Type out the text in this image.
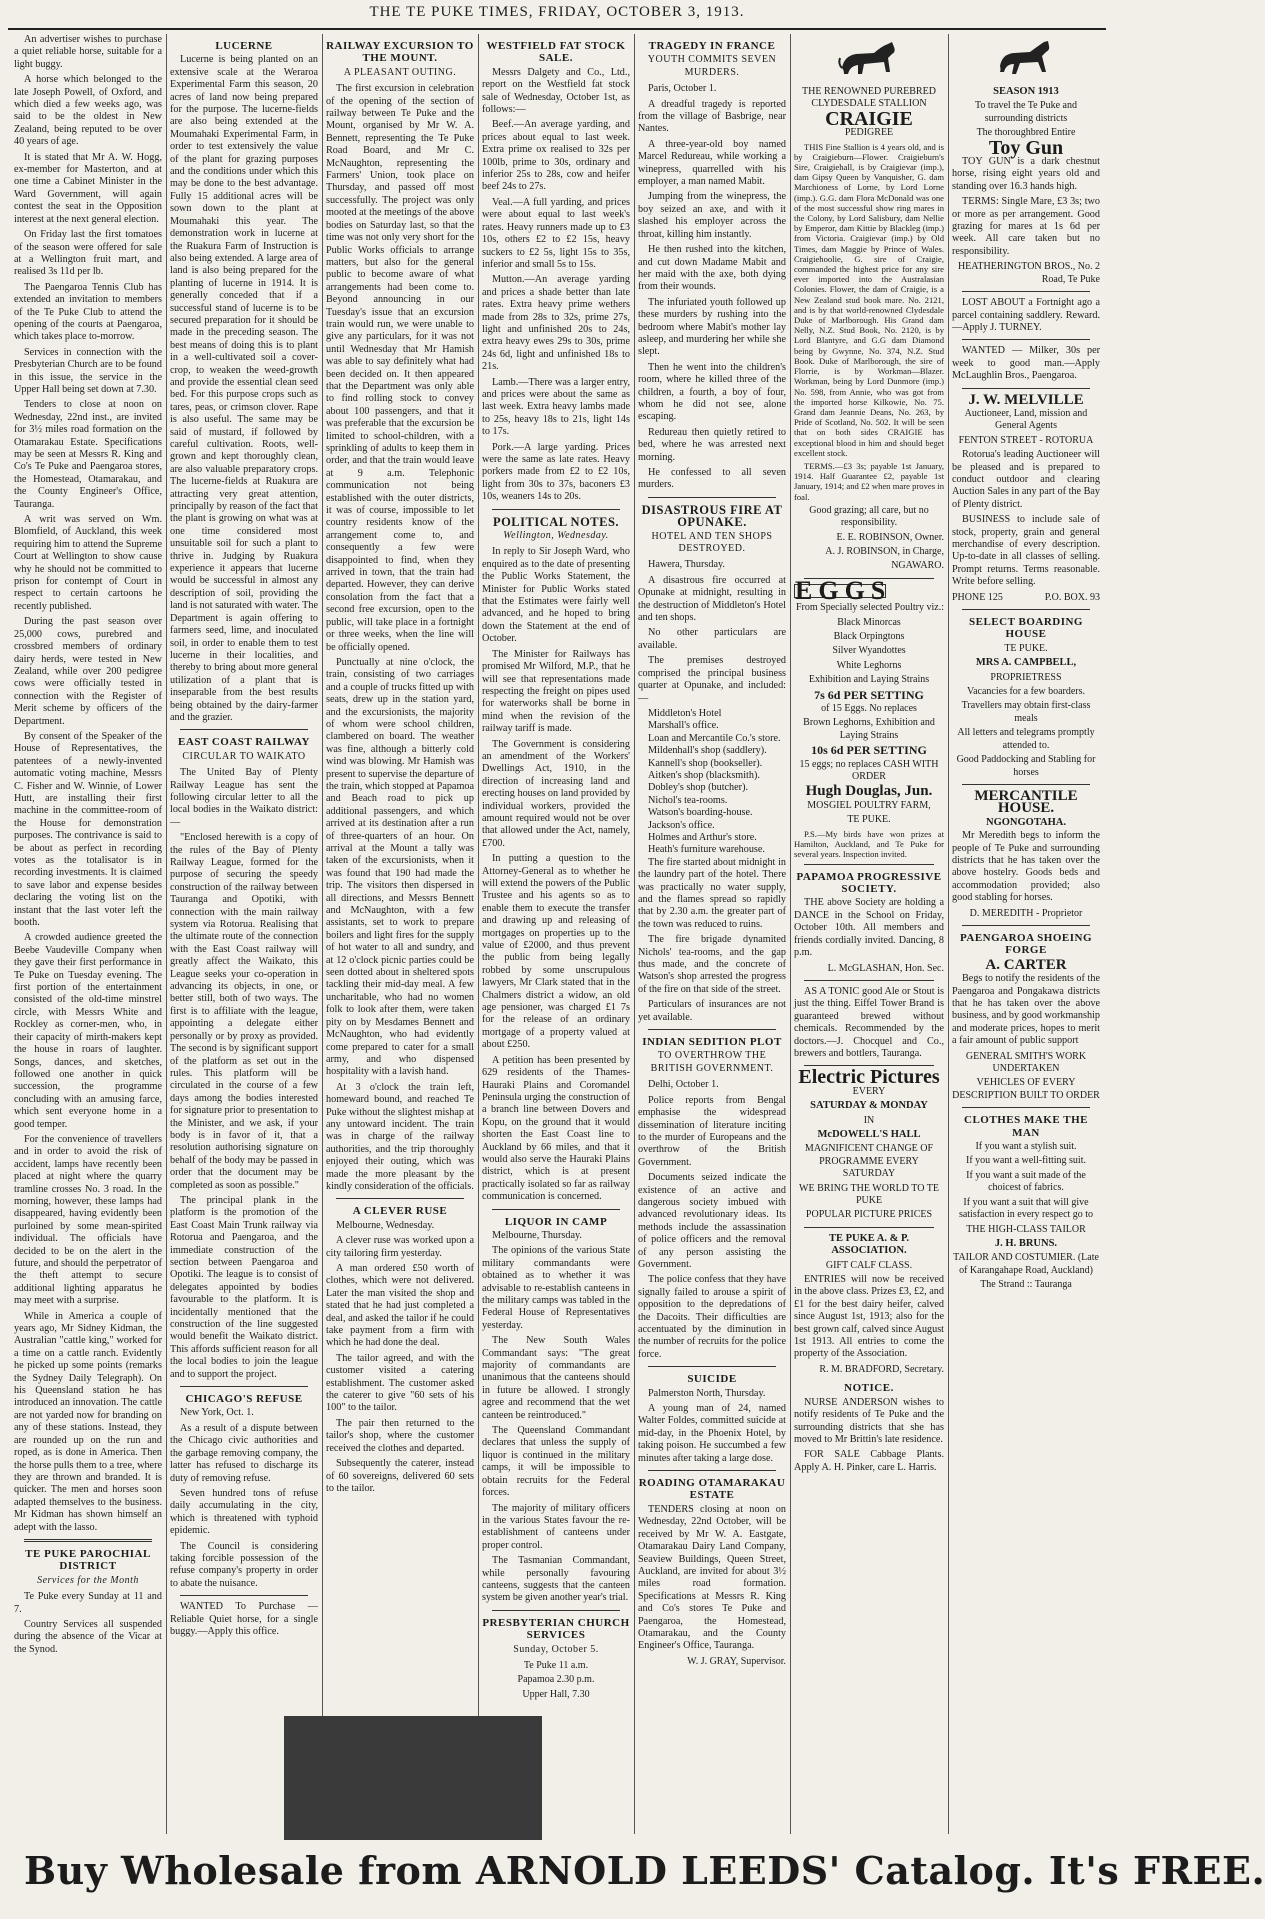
THE TE PUKE TIMES, FRIDAY, OCTOBER 3, 1913.

An advertiser wishes to purchase a quiet reliable horse, suitable for a light buggy.

A horse which belonged to the late Joseph Powell, of Oxford, and which died a few weeks ago, was said to be the oldest in New Zealand, being reputed to be over 40 years of age.

It is stated that Mr A. W. Hogg, ex-member for Masterton, and at one time a Cabinet Minister in the Ward Government, will again contest the seat in the Opposition interest at the next general election.

On Friday last the first tomatoes of the season were offered for sale at a Wellington fruit mart, and realised 3s 11d per lb.

The Paengaroa Tennis Club has extended an invitation to members of the Te Puke Club to attend the opening of the courts at Paengaroa, which takes place to-morrow.

Services in connection with the Presbyterian Church are to be found in this issue, the service in the Upper Hall being set down at 7.30.

Tenders to close at noon on Wednesday, 22nd inst., are invited for 3½ miles road formation on the Otamarakau Estate. Specifications may be seen at Messrs R. King and Co's Te Puke and Paengaroa stores, the Homestead, Otamarakau, and the County Engineer's Office, Tauranga.

A writ was served on Wm. Blomfield, of Auckland, this week requiring him to attend the Supreme Court at Wellington to show cause why he should not be committed to prison for contempt of Court in respect to certain cartoons he recently published.

During the past season over 25,000 cows, purebred and crossbred members of ordinary dairy herds, were tested in New Zealand, while over 200 pedigree cows were officially tested in connection with the Register of Merit scheme by officers of the Department.

By consent of the Speaker of the House of Representatives, the patentees of a newly-invented automatic voting machine, Messrs C. Fisher and W. Winnie, of Lower Hutt, are installing their first machine in the committee-room of the House for demonstration purposes. The contrivance is said to be about as perfect in recording votes as the totalisator is in recording investments. It is claimed to save labor and expense besides declaring the voting list on the instant that the last voter left the booth.

A crowded audience greeted the Beebe Vaudeville Company when they gave their first performance in Te Puke on Tuesday evening. The first portion of the entertainment consisted of the old-time minstrel circle, with Messrs White and Rockley as corner-men, who, in their capacity of mirth-makers kept the house in roars of laughter. Songs, dances, and sketches, followed one another in quick succession, the programme concluding with an amusing farce, which sent everyone home in a good temper.

For the convenience of travellers and in order to avoid the risk of accident, lamps have recently been placed at night where the quarry tramline crosses No. 3 road. In the morning, however, these lamps had disappeared, having evidently been purloined by some mean-spirited individual. The officials have decided to be on the alert in the future, and should the perpetrator of the theft attempt to secure additional lighting apparatus he may meet with a surprise.

While in America a couple of years ago, Mr Sidney Kidman, the Australian "cattle king," worked for a time on a cattle ranch. Evidently he picked up some points (remarks the Sydney Daily Telegraph). On his Queensland station he has introduced an innovation. The cattle are not yarded now for branding on any of these stations. Instead, they are rounded up on the run and roped, as is done in America. Then the horse pulls them to a tree, where they are thrown and branded. It is quicker. The men and horses soon adapted themselves to the business. Mr Kidman has shown himself an adept with the lasso.

TE PUKE PAROCHIAL DISTRICT
Services for the Month

Te Puke every Sunday at 11 and 7.

Country Services all suspended during the absence of the Vicar at the Synod.

LUCERNE

Lucerne is being planted on an extensive scale at the Weraroa Experimental Farm this season, 20 acres of land now being prepared for the purpose. The lucerne-fields are also being extended at the Moumahaki Experimental Farm, in order to test extensively the value of the plant for grazing purposes and the conditions under which this may be done to the best advantage. Fully 15 additional acres will be sown down to the plant at Moumahaki this year. The demonstration work in lucerne at the Ruakura Farm of Instruction is also being extended. A large area of land is also being prepared for the planting of lucerne in 1914. It is generally conceded that if a successful stand of lucerne is to be secured preparation for it should be made in the preceding season. The best means of doing this is to plant in a well-cultivated soil a cover-crop, to weaken the weed-growth and provide the essential clean seed bed. For this purpose crops such as tares, peas, or crimson clover. Rape is also useful. The same may be said of mustard, if followed by careful cultivation. Roots, well-grown and kept thoroughly clean, are also valuable preparatory crops. The lucerne-fields at Ruakura are attracting very great attention, principally by reason of the fact that the plant is growing on what was at one time considered most unsuitable soil for such a plant to thrive in. Judging by Ruakura experience it appears that lucerne would be successful in almost any description of soil, providing the land is not saturated with water. The Department is again offering to farmers seed, lime, and inoculated soil, in order to enable them to test lucerne in their localities, and thereby to bring about more general utilization of a plant that is inseparable from the best results being obtained by the dairy-farmer and the grazier.

EAST COAST RAILWAY
CIRCULAR TO WAIKATO

The United Bay of Plenty Railway League has sent the following circular letter to all the local bodies in the Waikato district:—

"Enclosed herewith is a copy of the rules of the Bay of Plenty Railway League, formed for the purpose of securing the speedy construction of the railway between Tauranga and Opotiki, with connection with the main railway system via Rotorua. Realising that the ultimate route of the connection with the East Coast railway will greatly affect the Waikato, this League seeks your co-operation in advancing its objects, in one, or better still, both of two ways. The first is to affiliate with the league, appointing a delegate either personally or by proxy as provided. The second is by significant support of the platform as set out in the rules. This platform will be circulated in the course of a few days among the bodies interested for signature prior to presentation to the Minister, and we ask, if your body is in favor of it, that a resolution authorising signature on behalf of the body may be passed in order that the document may be completed as soon as possible."

The principal plank in the platform is the promotion of the East Coast Main Trunk railway via Rotorua and Paengaroa, and the immediate construction of the section between Paengaroa and Opotiki. The league is to consist of delegates appointed by bodies favourable to the platform. It is incidentally mentioned that the construction of the line suggested would benefit the Waikato district. This affords sufficient reason for all the local bodies to join the league and to support the project.

CHICAGO'S REFUSE

New York, Oct. 1.

As a result of a dispute between the Chicago civic authorities and the garbage removing company, the latter has refused to discharge its duty of removing refuse.

Seven hundred tons of refuse daily accumulating in the city, which is threatened with typhoid epidemic.

The Council is considering taking forcible possession of the refuse company's property in order to abate the nuisance.

WANTED To Purchase — Reliable Quiet horse, for a single buggy.—Apply this office.

RAILWAY EXCURSION TO THE MOUNT.
A PLEASANT OUTING.

The first excursion in celebration of the opening of the section of railway between Te Puke and the Mount, organised by Mr W. A. Bennett, representing the Te Puke Road Board, and Mr C. McNaughton, representing the Farmers' Union, took place on Thursday, and passed off most successfully. The project was only mooted at the meetings of the above bodies on Saturday last, so that the time was not only very short for the Public Works officials to arrange matters, but also for the general public to become aware of what arrangements had been come to. Beyond announcing in our Tuesday's issue that an excursion train would run, we were unable to give any particulars, for it was not until Wednesday that Mr Hamish was able to say definitely what had been decided on. It then appeared that the Department was only able to find rolling stock to convey about 100 passengers, and that it was preferable that the excursion be limited to school-children, with a sprinkling of adults to keep them in order, and that the train would leave at 9 a.m. Telephonic communication not being established with the outer districts, it was of course, impossible to let country residents know of the arrangement come to, and consequently a few were disappointed to find, when they arrived in town, that the train had departed. However, they can derive consolation from the fact that a second free excursion, open to the public, will take place in a fortnight or three weeks, when the line will be officially opened.

Punctually at nine o'clock, the train, consisting of two carriages and a couple of trucks fitted up with seats, drew up in the station yard, and the excursionists, the majority of whom were school children, clambered on board. The weather was fine, although a bitterly cold wind was blowing. Mr Hamish was present to supervise the departure of the train, which stopped at Papamoa and Beach road to pick up additional passengers, and which arrived at its destination after a run of three-quarters of an hour. On arrival at the Mount a tally was taken of the excursionists, when it was found that 190 had made the trip. The visitors then dispersed in all directions, and Messrs Bennett and McNaughton, with a few assistants, set to work to prepare boilers and light fires for the supply of hot water to all and sundry, and at 12 o'clock picnic parties could be seen dotted about in sheltered spots tackling their mid-day meal. A few uncharitable, who had no women folk to look after them, were taken pity on by Mesdames Bennett and McNaughton, who had evidently come prepared to cater for a small army, and who dispensed hospitality with a lavish hand.

At 3 o'clock the train left, homeward bound, and reached Te Puke without the slightest mishap at any untoward incident. The train was in charge of the railway authorities, and the trip thoroughly enjoyed their outing, which was made the more pleasant by the kindly consideration of the officials.

A CLEVER RUSE

Melbourne, Wednesday.

A clever ruse was worked upon a city tailoring firm yesterday.

A man ordered £50 worth of clothes, which were not delivered. Later the man visited the shop and stated that he had just completed a deal, and asked the tailor if he could take payment from a firm with which he had done the deal.

The tailor agreed, and with the customer visited a catering establishment. The customer asked the caterer to give "60 sets of his 100" to the tailor.

The pair then returned to the tailor's shop, where the customer received the clothes and departed.

Subsequently the caterer, instead of 60 sovereigns, delivered 60 sets to the tailor.

WESTFIELD FAT STOCK SALE.

Messrs Dalgety and Co., Ltd., report on the Westfield fat stock sale of Wednesday, October 1st, as follows:—

Beef.—An average yarding, and prices about equal to last week. Extra prime ox realised to 32s per 100lb, prime to 30s, ordinary and inferior 25s to 28s, cow and heifer beef 24s to 27s.

Veal.—A full yarding, and prices were about equal to last week's rates. Heavy runners made up to £3 10s, others £2 to £2 15s, heavy suckers to £2 5s, light 15s to 35s, inferior and small 5s to 15s.

Mutton.—An average yarding and prices a shade better than late rates. Extra heavy prime wethers made from 28s to 32s, prime 27s, light and unfinished 20s to 24s, extra heavy ewes 29s to 30s, prime 24s 6d, light and unfinished 18s to 21s.

Lamb.—There was a larger entry, and prices were about the same as last week. Extra heavy lambs made to 25s, heavy 18s to 21s, light 14s to 17s.

Pork.—A large yarding. Prices were the same as late rates. Heavy porkers made from £2 to £2 10s, light from 30s to 37s, baconers £3 10s, weaners 14s to 20s.

POLITICAL NOTES.
Wellington, Wednesday.

In reply to Sir Joseph Ward, who enquired as to the date of presenting the Public Works Statement, the Minister for Public Works stated that the Estimates were fairly well advanced, and he hoped to bring down the Statement at the end of October.

The Minister for Railways has promised Mr Wilford, M.P., that he will see that representations made respecting the freight on pipes used for waterworks shall be borne in mind when the revision of the railway tariff is made.

The Government is considering an amendment of the Workers' Dwellings Act, 1910, in the direction of increasing land and erecting houses on land provided by individual workers, provided the amount required would not be over that allowed under the Act, namely, £700.

In putting a question to the Attorney-General as to whether he will extend the powers of the Public Trustee and his agents so as to enable them to execute the transfer and drawing up and releasing of mortgages on properties up to the value of £2000, and thus prevent the public from being legally robbed by some unscrupulous lawyers, Mr Clark stated that in the Chalmers district a widow, an old age pensioner, was charged £1 7s for the release of an ordinary mortgage of a property valued at about £250.

A petition has been presented by 629 residents of the Thames-Hauraki Plains and Coromandel Peninsula urging the construction of a branch line between Dovers and Kopu, on the ground that it would shorten the East Coast line to Auckland by 66 miles, and that it would also serve the Hauraki Plains district, which is at present practically isolated so far as railway communication is concerned.

LIQUOR IN CAMP

Melbourne, Thursday.

The opinions of the various State military commandants were obtained as to whether it was advisable to re-establish canteens in the military camps was tabled in the Federal House of Representatives yesterday.

The New South Wales Commandant says: "The great majority of commandants are unanimous that the canteens should in future be allowed. I strongly agree and recommend that the wet canteen be reintroduced."

The Queensland Commandant declares that unless the supply of liquor is continued in the military camps, it will be impossible to obtain recruits for the Federal forces.

The majority of military officers in the various States favour the re-establishment of canteens under proper control.

The Tasmanian Commandant, while personally favouring canteens, suggests that the canteen system be given another year's trial.

PRESBYTERIAN CHURCH SERVICES
Sunday, October 5.
Te Puke 11 a.m.
Papamoa 2.30 p.m.
Upper Hall, 7.30
TRAGEDY IN FRANCE
YOUTH COMMITS SEVEN MURDERS.

Paris, October 1.

A dreadful tragedy is reported from the village of Basbrige, near Nantes.

A three-year-old boy named Marcel Redureau, while working a winepress, quarrelled with his employer, a man named Mabit.

Jumping from the winepress, the boy seized an axe, and with it slashed his employer across the throat, killing him instantly.

He then rushed into the kitchen, and cut down Madame Mabit and her maid with the axe, both dying from their wounds.

The infuriated youth followed up these murders by rushing into the bedroom where Mabit's mother lay asleep, and murdering her while she slept.

Then he went into the children's room, where he killed three of the children, a fourth, a boy of four, whom he did not see, alone escaping.

Redureau then quietly retired to bed, where he was arrested next morning.

He confessed to all seven murders.

DISASTROUS FIRE AT OPUNAKE.
HOTEL AND TEN SHOPS DESTROYED.

Hawera, Thursday.

A disastrous fire occurred at Opunake at midnight, resulting in the destruction of Middleton's Hotel and ten shops.

No other particulars are available.

The premises destroyed comprised the principal business quarter at Opunake, and included:—

Middleton's Hotel
Marshall's office.
Loan and Mercantile Co.'s store.
Mildenhall's shop (saddlery).
Kannell's shop (bookseller).
Aitken's shop (blacksmith).
Dobley's shop (butcher).
Nichol's tea-rooms.
Watson's boarding-house.
Jackson's office.
Holmes and Arthur's store.
Heath's furniture warehouse.

The fire started about midnight in the laundry part of the hotel. There was practically no water supply, and the flames spread so rapidly that by 2.30 a.m. the greater part of the town was reduced to ruins.

The fire brigade dynamited Nichols' tea-rooms, and the gap thus made, and the concrete of Watson's shop arrested the progress of the fire on that side of the street.

Particulars of insurances are not yet available.

INDIAN SEDITION PLOT
TO OVERTHROW THE BRITISH GOVERNMENT.

Delhi, October 1.

Police reports from Bengal emphasise the widespread dissemination of literature inciting to the murder of Europeans and the overthrow of the British Government.

Documents seized indicate the existence of an active and dangerous society imbued with advanced revolutionary ideas. Its methods include the assassination of police officers and the removal of any person assisting the Government.

The police confess that they have signally failed to arouse a spirit of opposition to the depredations of the Dacoits. Their difficulties are accentuated by the diminution in the number of recruits for the police force.

SUICIDE

Palmerston North, Thursday.

A young man of 24, named Walter Foldes, committed suicide at mid-day, in the Phoenix Hotel, by taking poison. He succumbed a few minutes after taking a large dose.

ROADING OTAMARAKAU ESTATE

TENDERS closing at noon on Wednesday, 22nd October, will be received by Mr W. A. Eastgate, Otamarakau Dairy Land Company, Seaview Buildings, Queen Street, Auckland, are invited for about 3½ miles road formation. Specifications at Messrs R. King and Co's stores Te Puke and Paengaroa, the Homestead, Otamarakau, and the County Engineer's Office, Tauranga.

W. J. GRAY, Supervisor.
THE RENOWNED PUREBRED CLYDESDALE STALLION
CRAIGIE
PEDIGREE

THIS Fine Stallion is 4 years old, and is by Craigieburn—Flower. Craigieburn's Sire, Craigiehall, is by Craigievar (imp.), dam Gipsy Queen by Vanquisher, G. dam Marchioness of Lorne, by Lord Lorne (imp.). G.G. dam Flora McDonald was one of the most successful show ring mares in the Colony, by Lord Salisbury, dam Nellie by Emperor, dam Kittie by Blackleg (imp.) from Victoria. Craigievar (imp.) by Old Times, dam Maggie by Prince of Wales. Craigiehoolie, G. sire of Craigie, commanded the highest price for any sire ever imported into the Australasian Colonies. Flower, the dam of Craigie, is a New Zealand stud book mare. No. 2121, and is by that world-renowned Clydesdale Duke of Marlborough. His Grand dam Nelly, N.Z. Stud Book, No. 2120, is by Lord Blantyre, and G.G dam Diamond being by Gwynne, No. 374, N.Z. Stud Book. Duke of Marlborough, the sire of Florrie, is by Workman—Blazer. Workman, being by Lord Dunmore (imp.) No. 598, from Annie, who was got from the imported horse Kilkowie, No. 75. Grand dam Jeannie Deans, No. 263, by Pride of Scotland, No. 502. It will be seen that on both sides CRAIGIE has exceptional blood in him and should beget excellent stock.

TERMS.—£3 3s; payable 1st January, 1914. Half Guarantee £2, payable 1st January, 1914; and £2 when mare proves in foal.

Good grazing; all care, but no responsibility.
E. E. ROBINSON, Owner.
A. J. ROBINSON, in Charge,
NGAWARO.
EGGS
From Specially selected Poultry viz.:
Black Minorcas
Black Orpingtons
Silver Wyandottes
White Leghorns
Exhibition and Laying Strains
7s 6d PER SETTING
of 15 Eggs. No replaces
Brown Leghorns, Exhibition and Laying Strains
10s 6d PER SETTING
15 eggs; no replaces CASH WITH ORDER
Hugh Douglas, Jun.
MOSGIEL POULTRY FARM,
TE PUKE.

P.S.—My birds have won prizes at Hamilton, Auckland, and Te Puke for several years. Inspection invited.

PAPAMOA PROGRESSIVE SOCIETY.

THE above Society are holding a DANCE in the School on Friday, October 10th. All members and friends cordially invited. Dancing, 8 p.m.

L. McGLASHAN, Hon. Sec.

AS A TONIC good Ale or Stout is just the thing. Eiffel Tower Brand is guaranteed brewed without chemicals. Recommended by the doctors.—J. Chocquel and Co., brewers and bottlers, Tauranga.

Electric Pictures
EVERY
SATURDAY & MONDAY
IN
McDOWELL'S HALL
MAGNIFICENT CHANGE OF PROGRAMME EVERY SATURDAY
WE BRING THE WORLD TO TE PUKE
POPULAR PICTURE PRICES
TE PUKE A. & P. ASSOCIATION.
GIFT CALF CLASS.

ENTRIES will now be received in the above class. Prizes £3, £2, and £1 for the best dairy heifer, calved since August 1st, 1913; also for the best grown calf, calved since August 1st 1913. All entries to come the property of the Association.

R. M. BRADFORD, Secretary.
NOTICE.

NURSE ANDERSON wishes to notify residents of Te Puke and the surrounding districts that she has moved to Mr Brittin's late residence.

FOR SALE Cabbage Plants. Apply A. H. Pinker, care L. Harris.

SEASON 1913
To travel the Te Puke and surrounding districts
The thoroughbred Entire
Toy Gun

TOY GUN is a dark chestnut horse, rising eight years old and standing over 16.3 hands high.

TERMS: Single Mare, £3 3s; two or more as per arrangement. Good grazing for mares at 1s 6d per week. All care taken but no responsibility.

HEATHERINGTON BROS., No. 2 Road, Te Puke

LOST ABOUT a Fortnight ago a parcel containing saddlery. Reward.—Apply J. TURNEY.

WANTED — Milker, 30s per week to good man.—Apply McLaughlin Bros., Paengaroa.

J. W. MELVILLE
Auctioneer, Land, mission and General Agents
FENTON STREET - ROTORUA

Rotorua's leading Auctioneer will be pleased and is prepared to conduct outdoor and clearing Auction Sales in any part of the Bay of Plenty district.

BUSINESS to include sale of stock, property, grain and general merchandise of every description. Up-to-date in all classes of selling. Prompt returns. Terms reasonable. Write before selling.

PHONE 125	P.O. BOX. 93
SELECT BOARDING HOUSE
TE PUKE.
MRS A. CAMPBELL,
PROPRIETRESS
Vacancies for a few boarders.
Travellers may obtain first-class meals
All letters and telegrams promptly attended to.
Good Paddocking and Stabling for horses
MERCANTILE HOUSE.
NGONGOTAHA.

Mr Meredith begs to inform the people of Te Puke and surrounding districts that he has taken over the above hostelry. Goods beds and accommodation provided; also good stabling for horses.

D. MEREDITH - Proprietor
PAENGAROA SHOEING FORGE
A. CARTER

Begs to notify the residents of the Paengaroa and Pongakawa districts that he has taken over the above business, and by good workmanship and moderate prices, hopes to merit a fair amount of public support

GENERAL SMITH'S WORK UNDERTAKEN
VEHICLES OF EVERY DESCRIPTION BUILT TO ORDER
CLOTHES MAKE THE MAN
If you want a stylish suit.
If you want a well-fitting suit.
If you want a suit made of the choicest of fabrics.
If you want a suit that will give satisfaction in every respect go to
THE HIGH-CLASS TAILOR
J. H. BRUNS.
TAILOR AND COSTUMIER. (Late of Karangahape Road, Auckland)
The Strand :: Tauranga
Buy Wholesale from ARNOLD LEEDS' Catalog. It's FREE.
